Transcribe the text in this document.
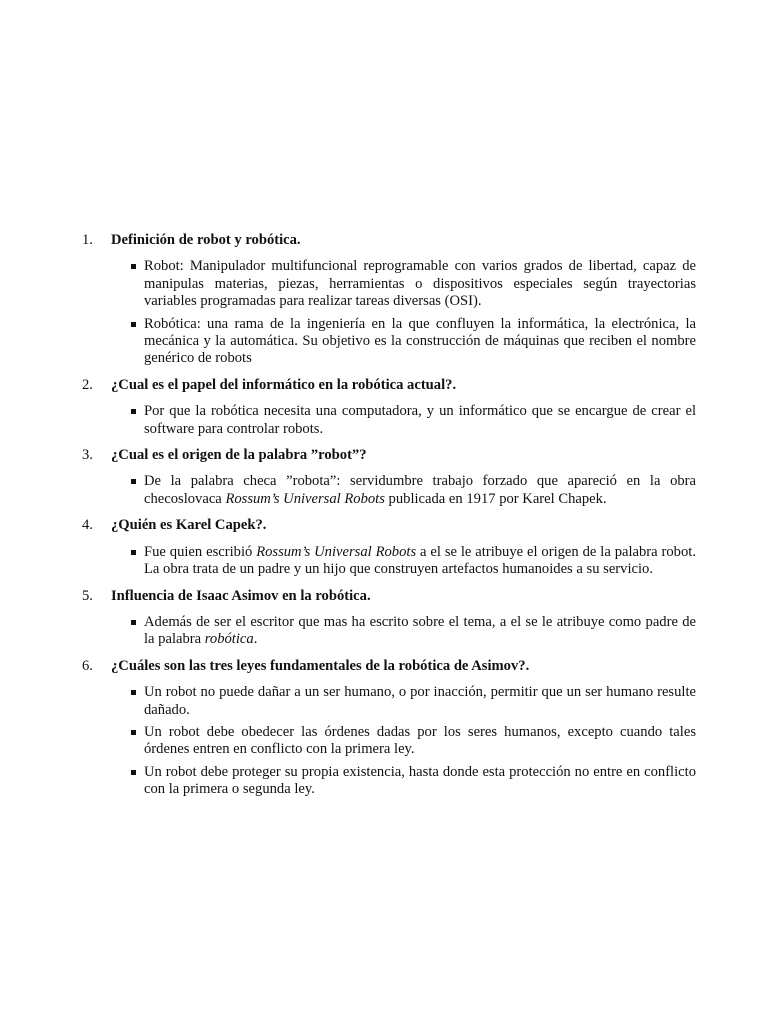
1. Definición de robot y robótica.
Robot: Manipulador multifuncional reprogramable con varios grados de libertad, capaz de manipulas materias, piezas, herramientas o dispositivos especiales según trayectorias variables programadas para realizar tareas diversas (OSI).
Robótica: una rama de la ingeniería en la que confluyen la informática, la electrónica, la mecánica y la automática. Su objetivo es la construcción de máquinas que reciben el nombre genérico de robots
2. ¿Cual es el papel del informático en la robótica actual?.
Por que la robótica necesita una computadora, y un informático que se encargue de crear el software para controlar robots.
3. ¿Cual es el origen de la palabra ”robot”?
De la palabra checa ”robota”: servidumbre trabajo forzado que apareció en la obra checoslovaca Rossum’s Universal Robots publicada en 1917 por Karel Chapek.
4. ¿Quién es Karel Capek?.
Fue quien escribió Rossum’s Universal Robots a el se le atribuye el origen de la palabra robot. La obra trata de un padre y un hijo que construyen artefactos humanoides a su servicio.
5. Influencia de Isaac Asimov en la robótica.
Además de ser el escritor que mas ha escrito sobre el tema, a el se le atribuye como padre de la palabra robótica.
6. ¿Cuáles son las tres leyes fundamentales de la robótica de Asimov?.
Un robot no puede dañar a un ser humano, o por inacción, permitir que un ser humano resulte dañado.
Un robot debe obedecer las órdenes dadas por los seres humanos, excepto cuando tales órdenes entren en conflicto con la primera ley.
Un robot debe proteger su propia existencia, hasta donde esta protección no entre en conflicto con la primera o segunda ley.
